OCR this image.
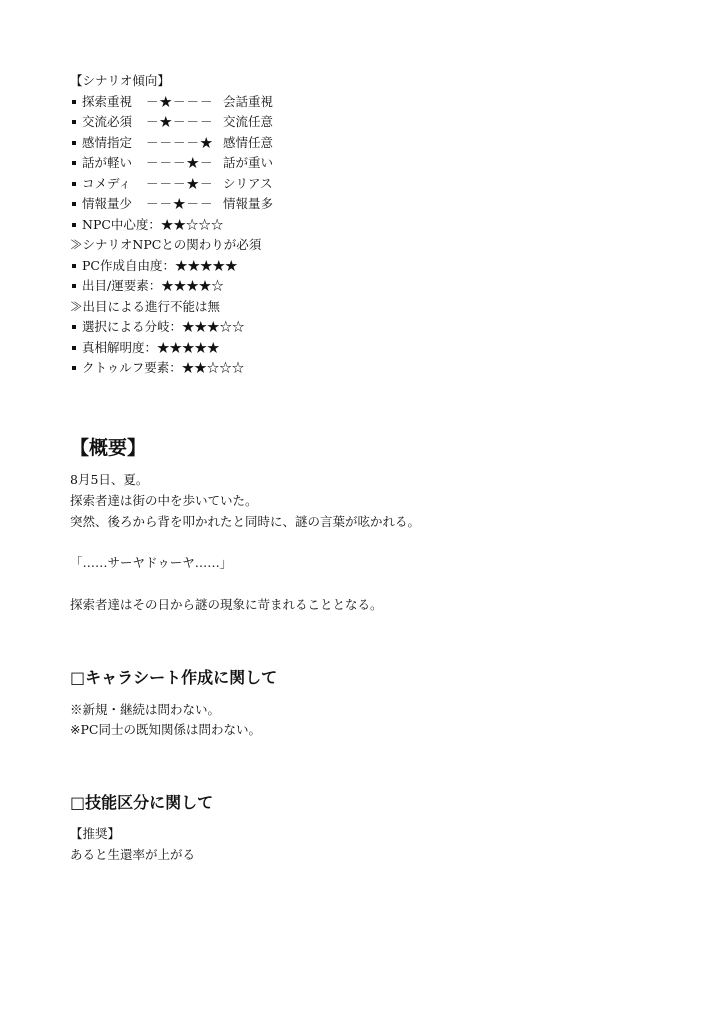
【シナリオ傾向】
探索重視 －★－－－ 会話重視
交流必須 －★－－－ 交流任意
感情指定 －－－－★ 感情任意
話が軽い －－－★－ 話が重い
コメディ －－－★－ シリアス
情報量少 －－★－－ 情報量多
NPC中心度：★★☆☆☆
≫シナリオNPCとの関わりが必須
PC作成自由度：★★★★★
出目/運要素：★★★★☆
≫出目による進行不能は無
選択による分岐：★★★☆☆
真相解明度：★★★★★
クトゥルフ要素：★★☆☆☆
【概要】
8月5日、夏。
探索者達は街の中を歩いていた。
突然、後ろから背を叩かれたと同時に、謎の言葉が呟かれる。
「……サーヤドゥーヤ……」
探索者達はその日から謎の現象に苛まれることとなる。
□キャラシート作成に関して
※新規・継続は問わない。
※PC同士の既知関係は問わない。
□技能区分に関して
【推奨】
あると生還率が上がる
